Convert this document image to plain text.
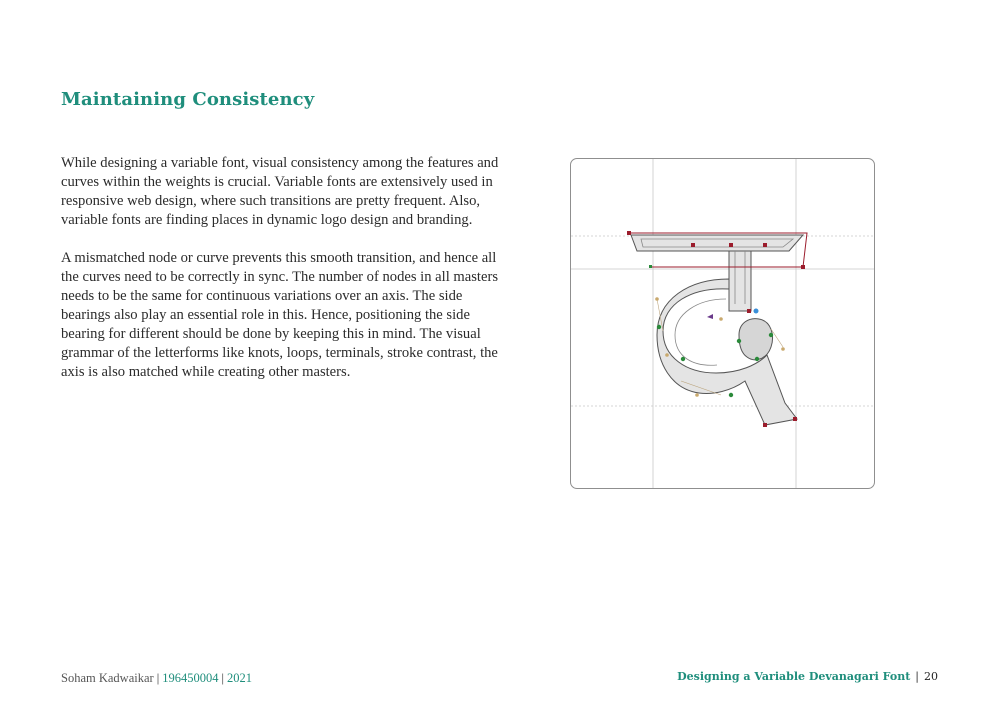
Maintaining Consistency

While designing a variable font, visual consistency among the features and curves within the weights is crucial. Variable fonts are extensively used in responsive web design, where such transitions are pretty frequent. Also, variable fonts are finding places in dynamic logo design and branding.

A mismatched node or curve prevents this smooth transition, and hence all the curves need to be correctly in sync. The number of nodes in all masters needs to be the same for continuous variations over an axis. The side bearings also play an essential role in this. Hence, positioning the side bearing for different should be done by keeping this in mind. The visual grammar of the letterforms like knots, loops, terminals, stroke contrast, the axis is also matched while creating other masters.

Soham Kadwaikar | 196450004 | 2021	Designing a Variable Devanagari Font | 20
